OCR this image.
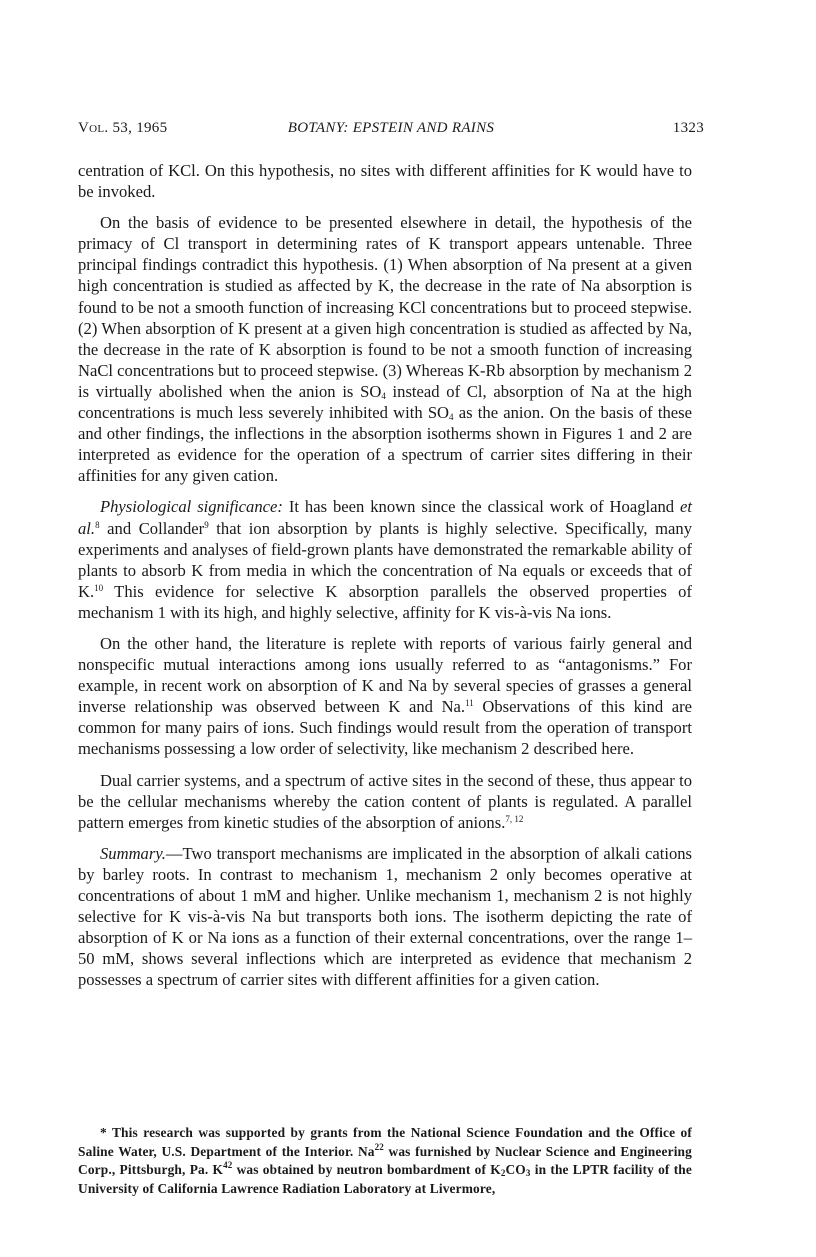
Vol. 53, 1965	BOTANY: EPSTEIN AND RAINS	1323

centration of KCl. On this hypothesis, no sites with different affinities for K would have to be invoked.

On the basis of evidence to be presented elsewhere in detail, the hypothesis of the primacy of Cl transport in determining rates of K transport appears untenable. Three principal findings contradict this hypothesis. (1) When absorption of Na present at a given high concentration is studied as affected by K, the decrease in the rate of Na absorption is found to be not a smooth function of increasing KCl concentrations but to proceed stepwise. (2) When absorption of K present at a given high concentration is studied as affected by Na, the decrease in the rate of K absorption is found to be not a smooth function of increasing NaCl concentrations but to proceed stepwise. (3) Whereas K-Rb absorption by mechanism 2 is virtually abolished when the anion is $SO_4$ instead of Cl, absorption of Na at the high concentrations is much less severely inhibited with $SO_4$ as the anion. On the basis of these and other findings, the inflections in the absorption isotherms shown in Figures 1 and 2 are interpreted as evidence for the operation of a spectrum of carrier sites differing in their affinities for any given cation.

Physiological significance: It has been known since the classical work of Hoagland et al.$^8$ and Collander$^9$ that ion absorption by plants is highly selective. Specifically, many experiments and analyses of field-grown plants have demonstrated the remarkable ability of plants to absorb K from media in which the concentration of Na equals or exceeds that of K.$^{10}$ This evidence for selective K absorption parallels the observed properties of mechanism 1 with its high, and highly selective, affinity for K vis-à-vis Na ions.

On the other hand, the literature is replete with reports of various fairly general and nonspecific mutual interactions among ions usually referred to as “antagonisms.” For example, in recent work on absorption of K and Na by several species of grasses a general inverse relationship was observed between K and Na.$^{11}$ Observations of this kind are common for many pairs of ions. Such findings would result from the operation of transport mechanisms possessing a low order of selectivity, like mechanism 2 described here.

Dual carrier systems, and a spectrum of active sites in the second of these, thus appear to be the cellular mechanisms whereby the cation content of plants is regulated. A parallel pattern emerges from kinetic studies of the absorption of anions.$^{7, 12}$

Summary.—Two transport mechanisms are implicated in the absorption of alkali cations by barley roots. In contrast to mechanism 1, mechanism 2 only becomes operative at concentrations of about 1 mM and higher. Unlike mechanism 1, mechanism 2 is not highly selective for K vis-à-vis Na but transports both ions. The isotherm depicting the rate of absorption of K or Na ions as a function of their external concentrations, over the range 1–50 mM, shows several inflections which are interpreted as evidence that mechanism 2 possesses a spectrum of carrier sites with different affinities for a given cation.

* This research was supported by grants from the National Science Foundation and the Office of Saline Water, U.S. Department of the Interior. Na$^{22}$ was furnished by Nuclear Science and Engineering Corp., Pittsburgh, Pa. $K^{42}$ was obtained by neutron bombardment of $K_2CO_3$ in the LPTR facility of the University of California Lawrence Radiation Laboratory at Livermore,
